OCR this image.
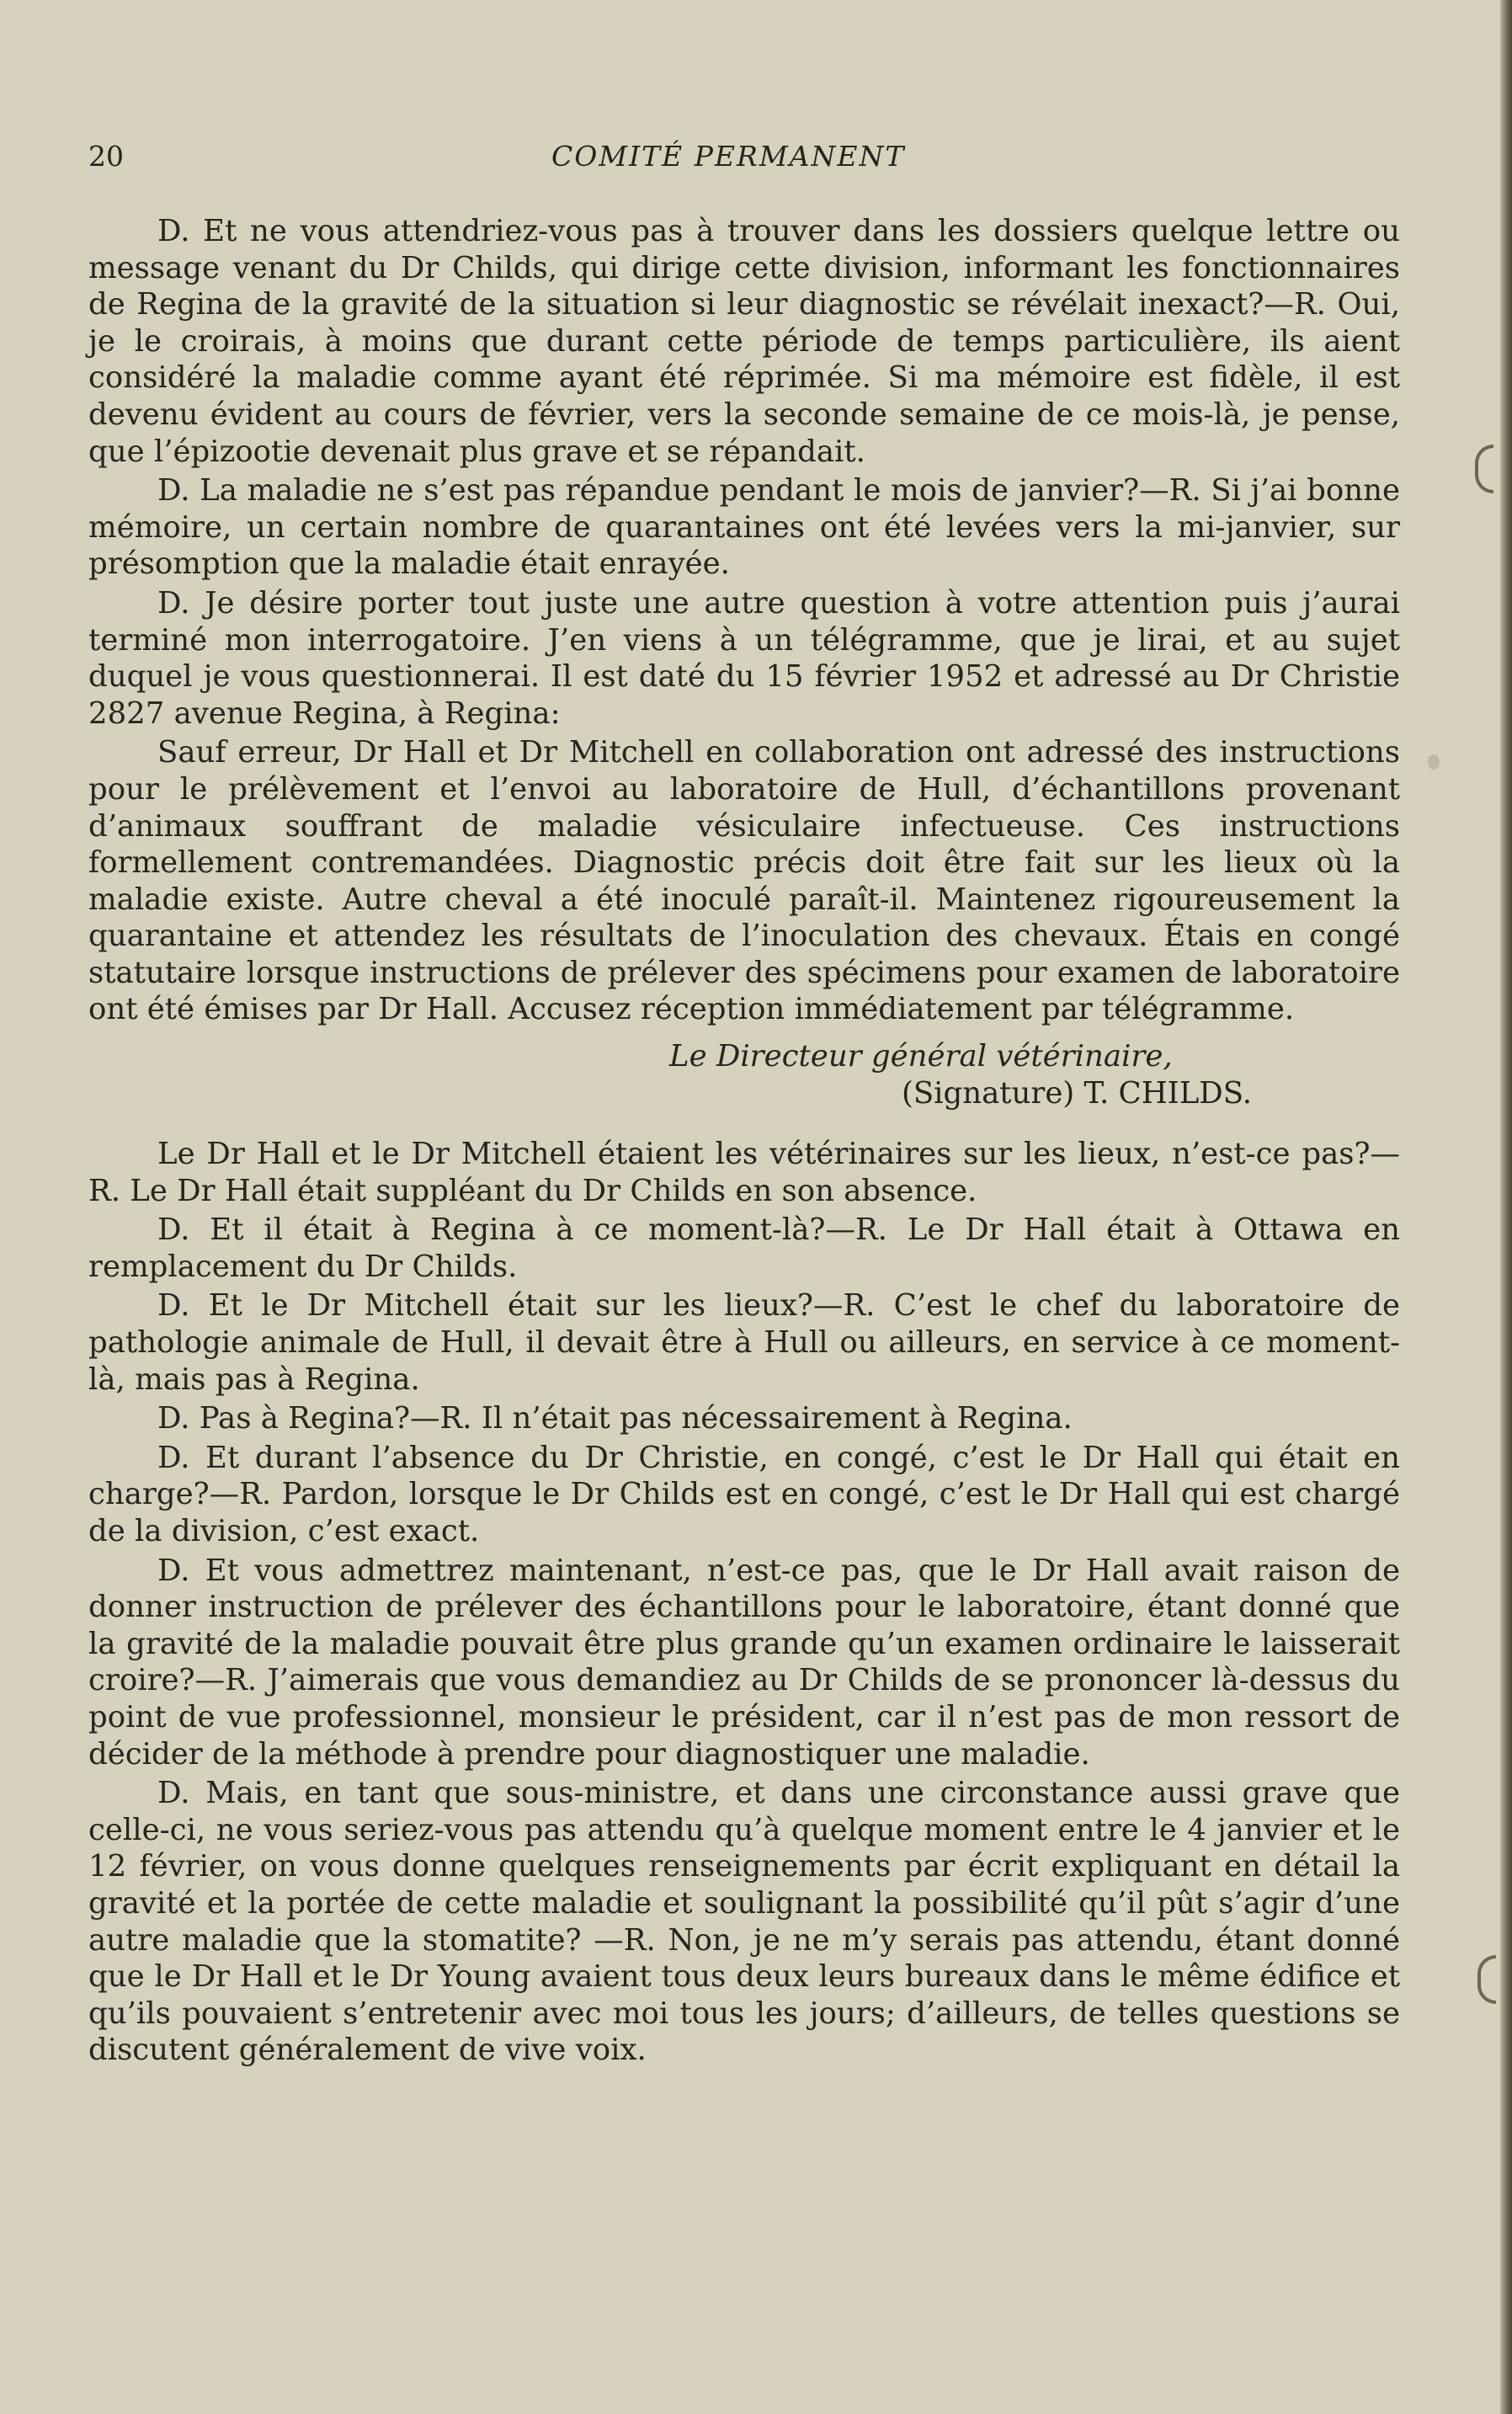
20	COMITÉ PERMANENT

D. Et ne vous attendriez-vous pas à trouver dans les dossiers quelque lettre ou message venant du Dr Childs, qui dirige cette division, informant les fonctionnaires de Regina de la gravité de la situation si leur diagnostic se révélait inexact?—R. Oui, je le croirais, à moins que durant cette période de temps particulière, ils aient considéré la maladie comme ayant été réprimée. Si ma mémoire est fidèle, il est devenu évident au cours de février, vers la seconde semaine de ce mois-là, je pense, que l’épizootie devenait plus grave et se répandait.

D. La maladie ne s’est pas répandue pendant le mois de janvier?—R. Si j’ai bonne mémoire, un certain nombre de quarantaines ont été levées vers la mi-janvier, sur présomption que la maladie était enrayée.

D. Je désire porter tout juste une autre question à votre attention puis j’aurai terminé mon interrogatoire. J’en viens à un télégramme, que je lirai, et au sujet duquel je vous questionnerai. Il est daté du 15 février 1952 et adressé au Dr Christie 2827 avenue Regina, à Regina:

Sauf erreur, Dr Hall et Dr Mitchell en collaboration ont adressé des instructions pour le prélèvement et l’envoi au laboratoire de Hull, d’échantillons provenant d’animaux souffrant de maladie vésiculaire infectueuse. Ces instructions formellement contremandées. Diagnostic précis doit être fait sur les lieux où la maladie existe. Autre cheval a été inoculé paraît-il. Maintenez rigoureusement la quarantaine et attendez les résultats de l’inoculation des chevaux. Étais en congé statutaire lorsque instructions de prélever des spécimens pour examen de laboratoire ont été émises par Dr Hall. Accusez réception immédiatement par télégramme.

Le Directeur général vétérinaire,
(Signature) T. CHILDS.

Le Dr Hall et le Dr Mitchell étaient les vétérinaires sur les lieux, n’est-ce pas?—R. Le Dr Hall était suppléant du Dr Childs en son absence.

D. Et il était à Regina à ce moment-là?—R. Le Dr Hall était à Ottawa en remplacement du Dr Childs.

D. Et le Dr Mitchell était sur les lieux?—R. C’est le chef du laboratoire de pathologie animale de Hull, il devait être à Hull ou ailleurs, en service à ce moment-là, mais pas à Regina.

D. Pas à Regina?—R. Il n’était pas nécessairement à Regina.

D. Et durant l’absence du Dr Christie, en congé, c’est le Dr Hall qui était en charge?—R. Pardon, lorsque le Dr Childs est en congé, c’est le Dr Hall qui est chargé de la division, c’est exact.

D. Et vous admettrez maintenant, n’est-ce pas, que le Dr Hall avait raison de donner instruction de prélever des échantillons pour le laboratoire, étant donné que la gravité de la maladie pouvait être plus grande qu’un examen ordinaire le laisserait croire?—R. J’aimerais que vous demandiez au Dr Childs de se prononcer là-dessus du point de vue professionnel, monsieur le président, car il n’est pas de mon ressort de décider de la méthode à prendre pour diagnostiquer une maladie.

D. Mais, en tant que sous-ministre, et dans une circonstance aussi grave que celle-ci, ne vous seriez-vous pas attendu qu’à quelque moment entre le 4 janvier et le 12 février, on vous donne quelques renseignements par écrit expliquant en détail la gravité et la portée de cette maladie et soulignant la possibilité qu’il pût s’agir d’une autre maladie que la stomatite? —R. Non, je ne m’y serais pas attendu, étant donné que le Dr Hall et le Dr Young avaient tous deux leurs bureaux dans le même édifice et qu’ils pouvaient s’entretenir avec moi tous les jours; d’ailleurs, de telles questions se discutent généralement de vive voix.
